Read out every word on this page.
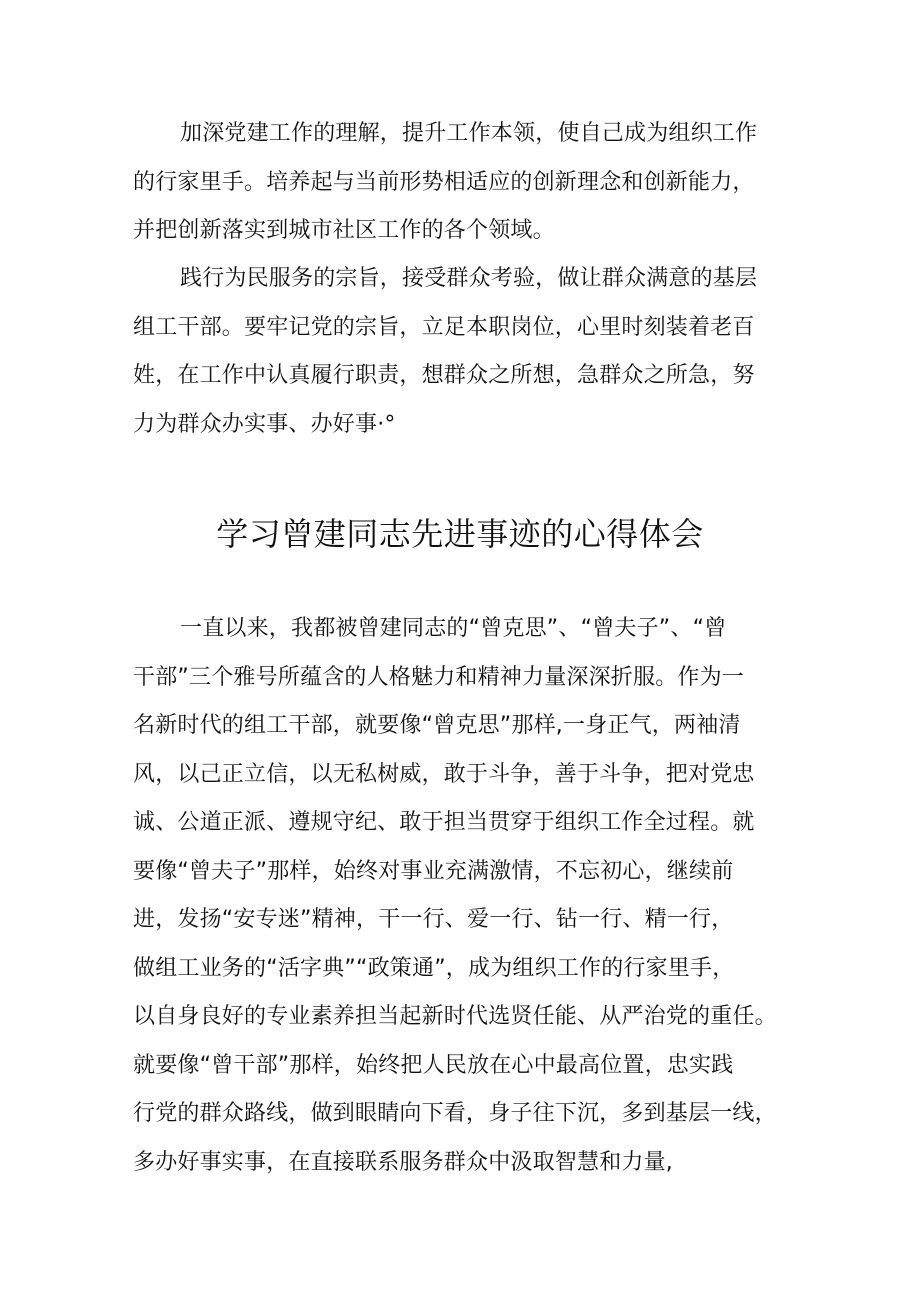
加深党建工作的理解，提升工作本领，使自己成为组织工作
的行家里手。培养起与当前形势相适应的创新理念和创新能力，
并把创新落实到城市社区工作的各个领域。
践行为民服务的宗旨，接受群众考验，做让群众满意的基层
组工干部。要牢记党的宗旨，立足本职岗位，心里时刻装着老百
姓，在工作中认真履行职责，想群众之所想，急群众之所急，努
力为群众办实事、办好事·°
学习曾建同志先进事迹的心得体会
一直以来，我都被曾建同志的“曾克思”、“曾夫子”、“曾
干部”三个雅号所蕴含的人格魅力和精神力量深深折服。作为一
名新时代的组工干部，就要像“曾克思”那样,一身正气，两袖清
风，以己正立信，以无私树威，敢于斗争，善于斗争，把对党忠
诚、公道正派、遵规守纪、敢于担当贯穿于组织工作全过程。就
要像“曾夫子”那样，始终对事业充满激情，不忘初心，继续前
进，发扬“安专迷”精神，干一行、爱一行、钻一行、精一行，
做组工业务的“活字典”“政策通”，成为组织工作的行家里手，
以自身良好的专业素养担当起新时代选贤任能、从严治党的重任。
就要像“曾干部”那样，始终把人民放在心中最高位置，忠实践
行党的群众路线，做到眼睛向下看，身子往下沉，多到基层一线，
多办好事实事，在直接联系服务群众中汲取智慧和力量,
